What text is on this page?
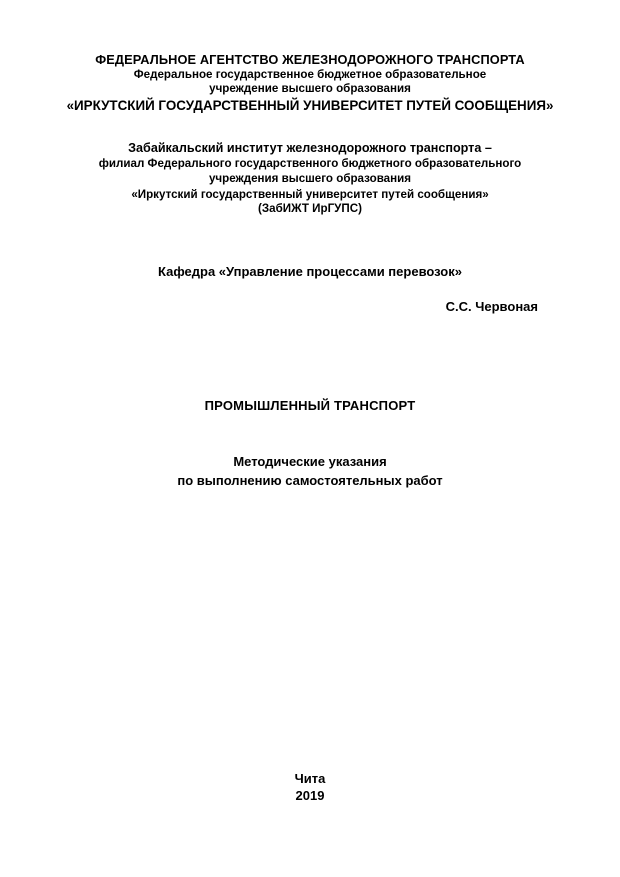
ФЕДЕРАЛЬНОЕ АГЕНТСТВО ЖЕЛЕЗНОДОРОЖНОГО ТРАНСПОРТА
Федеральное государственное бюджетное образовательное
учреждение высшего образования
«ИРКУТСКИЙ ГОСУДАРСТВЕННЫЙ УНИВЕРСИТЕТ ПУТЕЙ СООБЩЕНИЯ»
Забайкальский институт железнодорожного транспорта –
филиал Федерального государственного бюджетного образовательного
учреждения высшего образования
«Иркутский государственный университет путей сообщения»
(ЗабИЖТ ИрГУПС)
Кафедра «Управление процессами перевозок»
С.С. Червоная
ПРОМЫШЛЕННЫЙ ТРАНСПОРТ
Методические указания
по выполнению самостоятельных работ
Чита
2019
